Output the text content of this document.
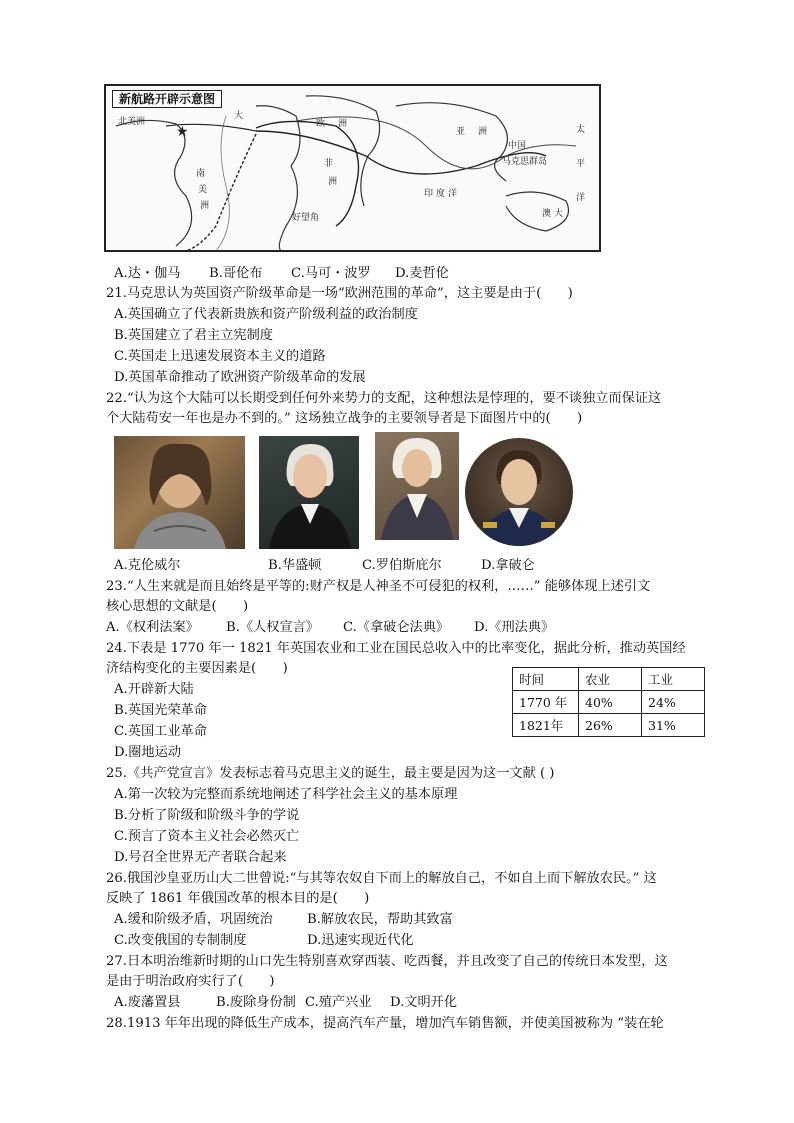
新航路开辟示意图
★
北美洲
大
欧 洲
中国
亚 洲
非
洲
印 度 洋
南
美
洲
太
平
洋
好望角
马克思群岛
澳 大
A.达・伽马 B.哥伦布 C.马可・波罗 D.麦哲伦
21.马克思认为英国资产阶级革命是一场“欧洲范围的革命”，这主要是由于(　　)
A.英国确立了代表新贵族和资产阶级利益的政治制度
B.英国建立了君主立宪制度
C.英国走上迅速发展资本主义的道路
D.英国革命推动了欧洲资产阶级革命的发展
22.“认为这个大陆可以长期受到任何外来势力的支配，这种想法是悖理的，要不谈独立而保证这
个大陆苟安一年也是办不到的。” 这场独立战争的主要领导者是下面图片中的(　　)
A.克伦威尔	B.华盛顿	C.罗伯斯庇尔	D.拿破仑
23.“人生来就是而且始终是平等的:财产权是人神圣不可侵犯的权利，……” 能够体现上述引文
核心思想的文献是(　　)
A.《权利法案》 B.《人权宣言》 C.《拿破仑法典》 D.《刑法典》
24.下表是 1770 年一 1821 年英国农业和工业在国民总收入中的比率变化，据此分析，推动英国经
济结构变化的主要因素是(　　)
A.开辟新大陆
B.英国光荣革命
C.英国工业革命
D.圈地运动
时间	农业	工业
1770 年	40%	24%
1821年	26%	31%
25.《共产党宣言》发表标志着马克思主义的诞生，最主要是因为这一文献 ( )
A.第一次较为完整而系统地阐述了科学社会主义的基本原理
B.分析了阶级和阶级斗争的学说
C.预言了资本主义社会必然灭亡
D.号召全世界无产者联合起来
26.俄国沙皇亚历山大二世曾说:“与其等农奴自下而上的解放自己，不如自上而下解放农民。” 这
反映了 1861 年俄国改革的根本目的是(　　)
A.缓和阶级矛盾，巩固统治	B.解放农民，帮助其致富
C.改变俄国的专制制度	D.迅速实现近代化
27.日本明治维新时期的山口先生特别喜欢穿西装、吃西餐，并且改变了自己的传统日本发型，这
是由于明治政府实行了(　　)
A.废藩置县	B.废除身份制 C.殖产兴业 D.文明开化
28.1913 年年出现的降低生产成本，提高汽车产量，增加汽车销售额，并使美国被称为 “装在轮
